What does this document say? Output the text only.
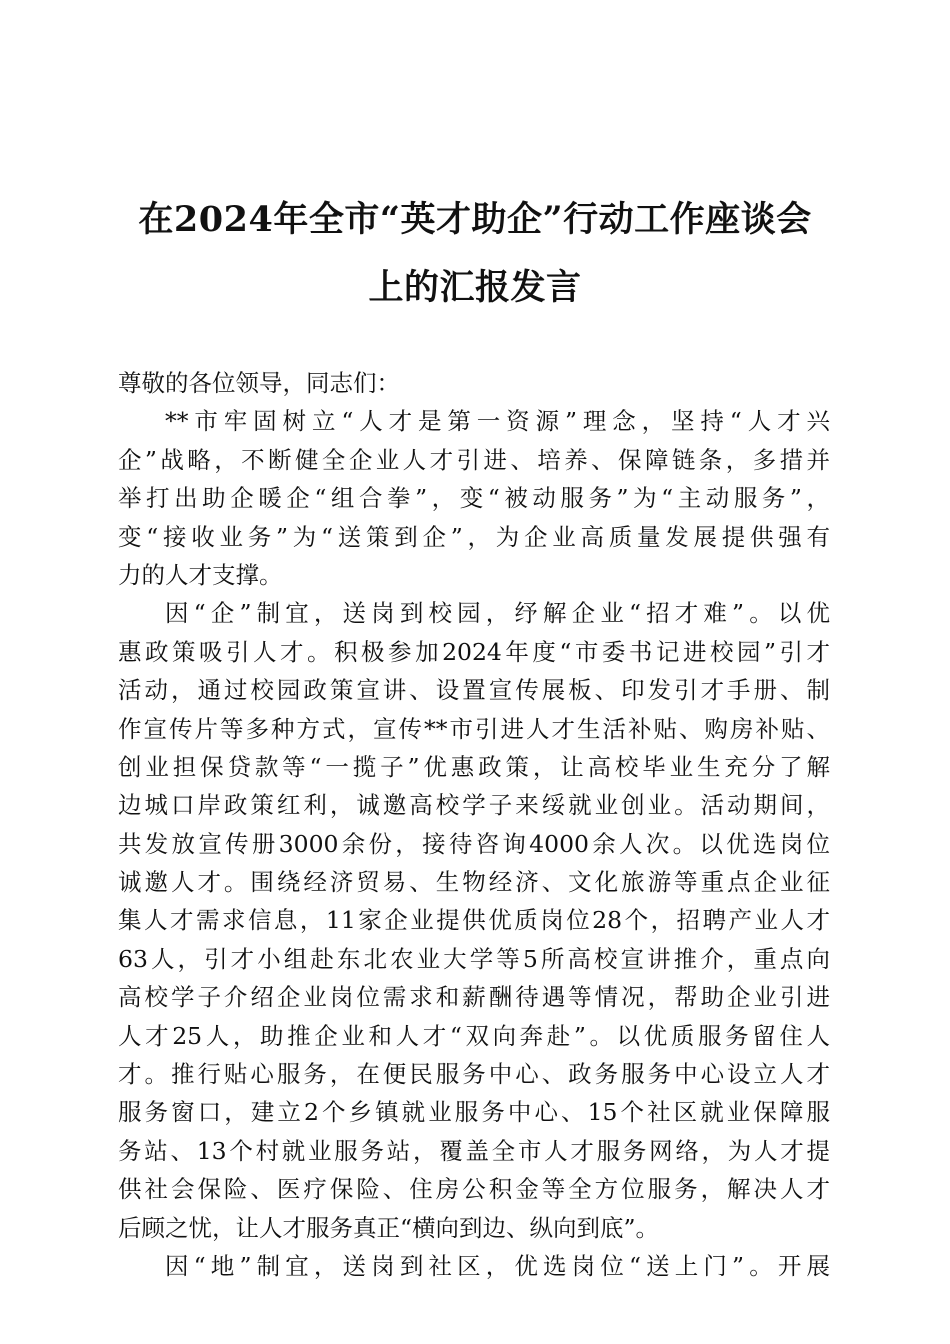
在2024年全市“英才助企”行动工作座谈会
上的汇报发言
尊敬的各位领导，同志们：
**市牢固树立“人才是第一资源”理念，坚持“人才兴
企”战略，不断健全企业人才引进、培养、保障链条，多措并
举打出助企暖企“组合拳”，变“被动服务”为“主动服务”，
变“接收业务”为“送策到企”，为企业高质量发展提供强有
力的人才支撑。
因“企”制宜，送岗到校园，纾解企业“招才难”。以优
惠政策吸引人才。积极参加2024年度“市委书记进校园”引才
活动，通过校园政策宣讲、设置宣传展板、印发引才手册、制
作宣传片等多种方式，宣传**市引进人才生活补贴、购房补贴、
创业担保贷款等“一揽子”优惠政策，让高校毕业生充分了解
边城口岸政策红利，诚邀高校学子来绥就业创业。活动期间，
共发放宣传册3000余份，接待咨询4000余人次。以优选岗位
诚邀人才。围绕经济贸易、生物经济、文化旅游等重点企业征
集人才需求信息，11家企业提供优质岗位28个，招聘产业人才
63人，引才小组赴东北农业大学等5所高校宣讲推介，重点向
高校学子介绍企业岗位需求和薪酬待遇等情况，帮助企业引进
人才25人，助推企业和人才“双向奔赴”。以优质服务留住人
才。推行贴心服务，在便民服务中心、政务服务中心设立人才
服务窗口，建立2个乡镇就业服务中心、15个社区就业保障服
务站、13个村就业服务站，覆盖全市人才服务网络，为人才提
供社会保险、医疗保险、住房公积金等全方位服务，解决人才
后顾之忧，让人才服务真正“横向到边、纵向到底”。
因“地”制宜，送岗到社区，优选岗位“送上门”。开展
